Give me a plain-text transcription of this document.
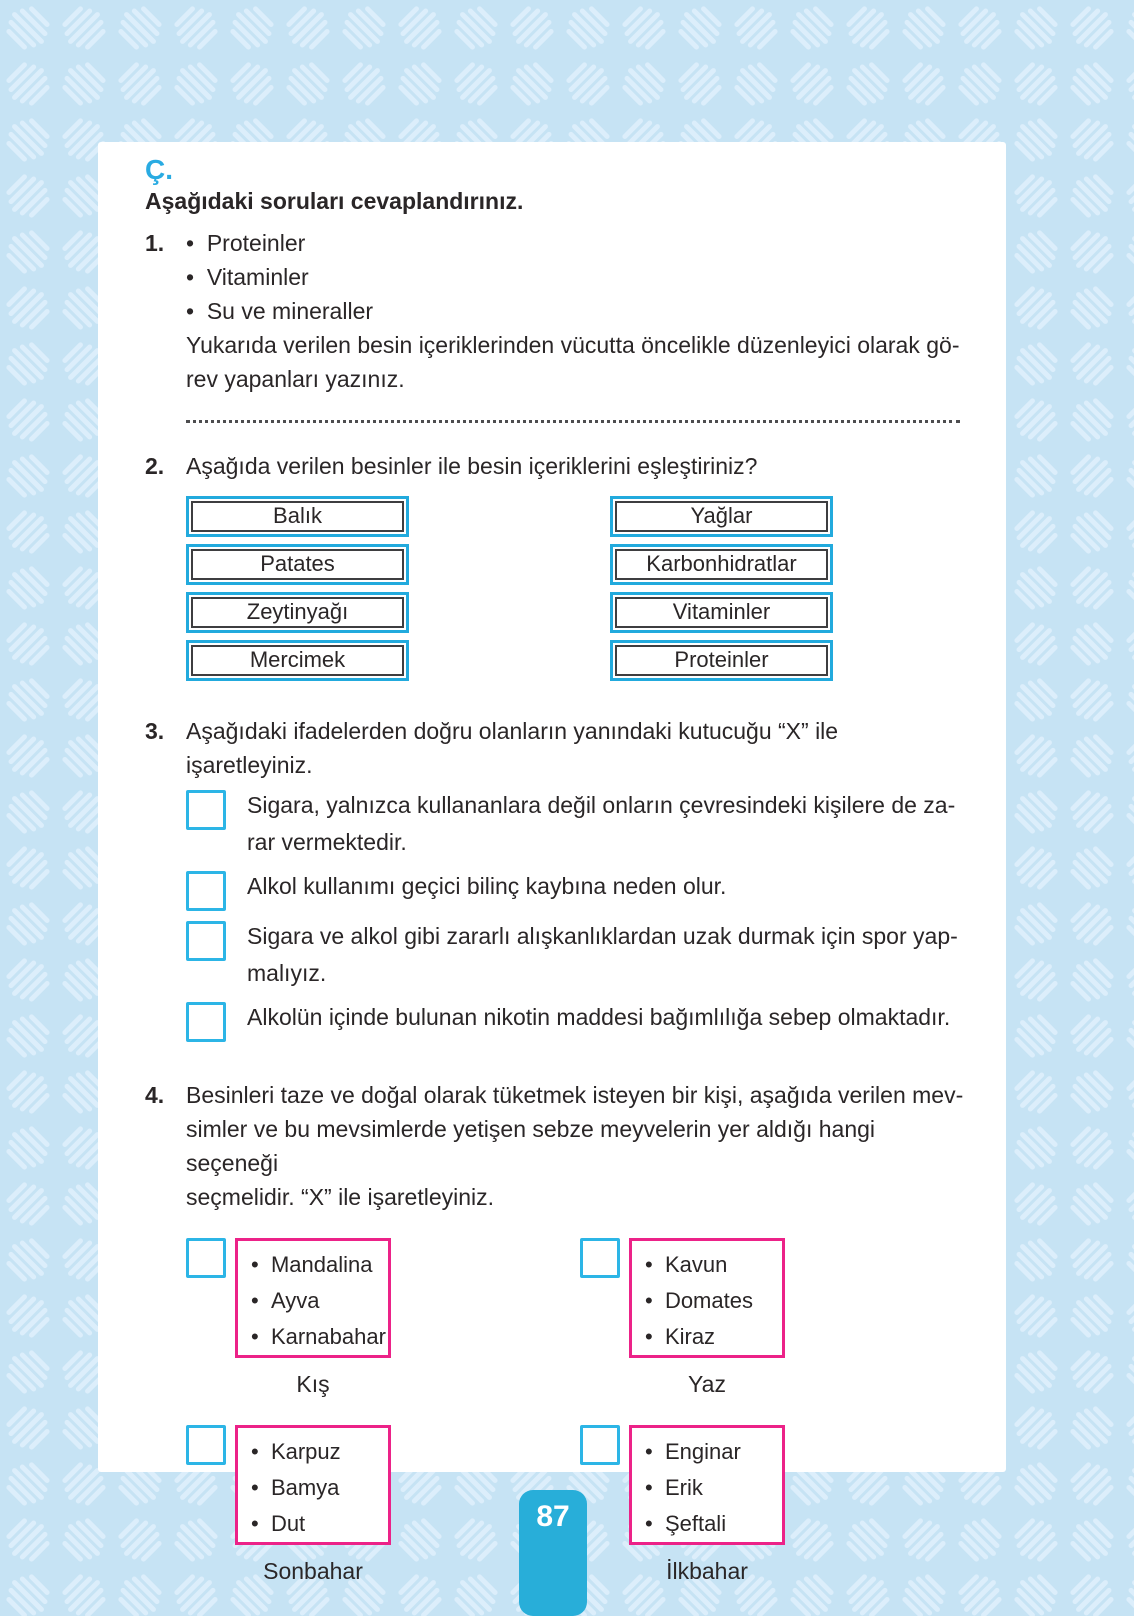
Ç.
Aşağıdaki soruları cevaplandırınız.
1.	•  Proteinler
•  Vitaminler
•  Su ve mineraller
Yukarıda verilen besin içeriklerinden vücutta öncelikle düzenleyici olarak gö-
rev yapanları yazınız.
2. Aşağıda verilen besinler ile besin içeriklerini eşleştiriniz?
Balık
Patates
Zeytinyağı
Mercimek
Yağlar
Karbonhidratlar
Vitaminler
Proteinler
3. Aşağıdaki ifadelerden doğru olanların yanındaki kutucuğu “X” ile işaretleyiniz.
Sigara, yalnızca kullananlara değil onların çevresindeki kişilere de za-
rar vermektedir.
Alkol kullanımı geçici bilinç kaybına neden olur.
Sigara ve alkol gibi zararlı alışkanlıklardan uzak durmak için spor yap-
malıyız.
Alkolün içinde bulunan nikotin maddesi bağımlılığa sebep olmaktadır.
4. Besinleri taze ve doğal olarak tüketmek isteyen bir kişi, aşağıda verilen mev-
simler ve bu mevsimlerde yetişen sebze meyvelerin yer aldığı hangi seçeneği
seçmelidir. “X” ile işaretleyiniz.
•  Mandalina
•  Ayva
•  Karnabahar
Kış
•  Kavun
•  Domates
•  Kiraz
Yaz
•  Karpuz
•  Bamya
•  Dut
Sonbahar
•  Enginar
•  Erik
•  Şeftali
İlkbahar
87
